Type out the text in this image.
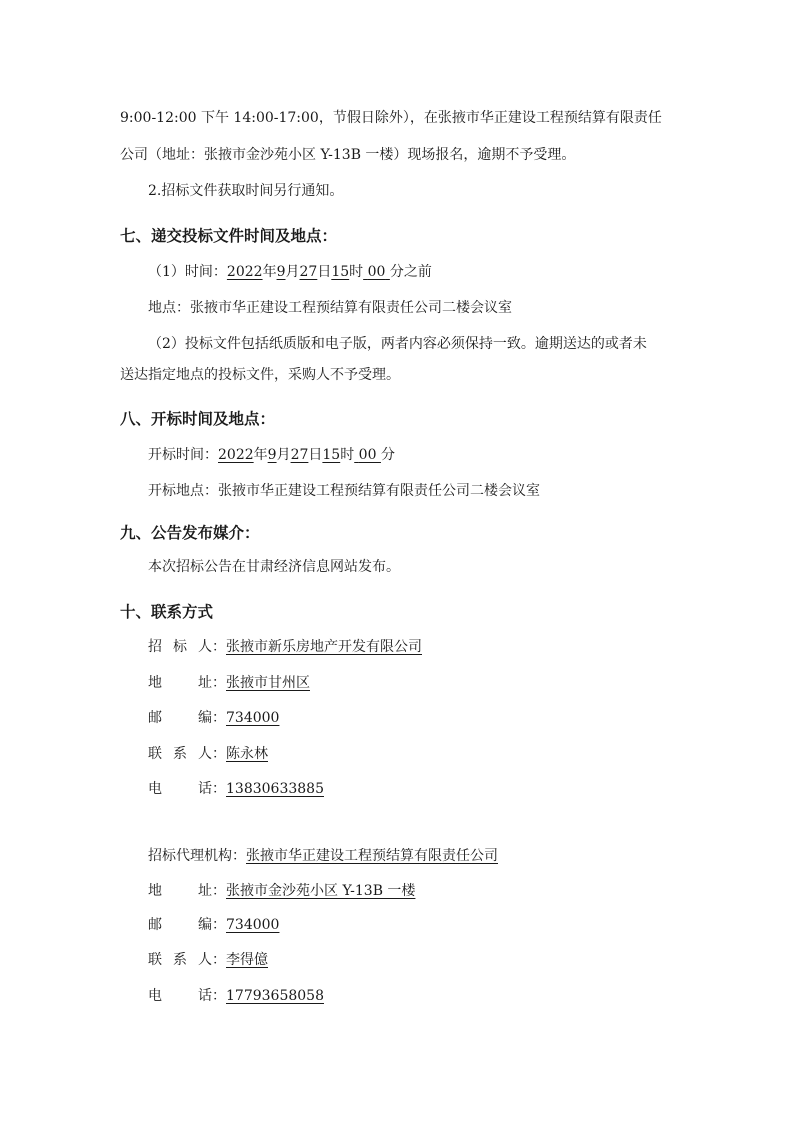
9:00-12:00 下午 14:00-17:00，节假日除外），在张掖市华正建设工程预结算有限责任
公司（地址：张掖市金沙苑小区 Y-13B 一楼）现场报名，逾期不予受理。
2.招标文件获取时间另行通知。
七、递交投标文件时间及地点：
（1）时间：2022年9月27日15时 00 分之前
地点：张掖市华正建设工程预结算有限责任公司二楼会议室
（2）投标文件包括纸质版和电子版，两者内容必须保持一致。逾期送达的或者未
送达指定地点的投标文件，采购人不予受理。
八、开标时间及地点：
开标时间：2022年9月27日15时 00 分
开标地点：张掖市华正建设工程预结算有限责任公司二楼会议室
九、公告发布媒介：
本次招标公告在甘肃经济信息网站发布。
十、联系方式
招 标 人：张掖市新乐房地产开发有限公司
地　　址：张掖市甘州区
邮　　编：734000
联 系 人：陈永林
电　　话：13830633885
招标代理机构：张掖市华正建设工程预结算有限责任公司
地　　址：张掖市金沙苑小区 Y-13B 一楼
邮　　编：734000
联 系 人：李得億
电　　话：17793658058
